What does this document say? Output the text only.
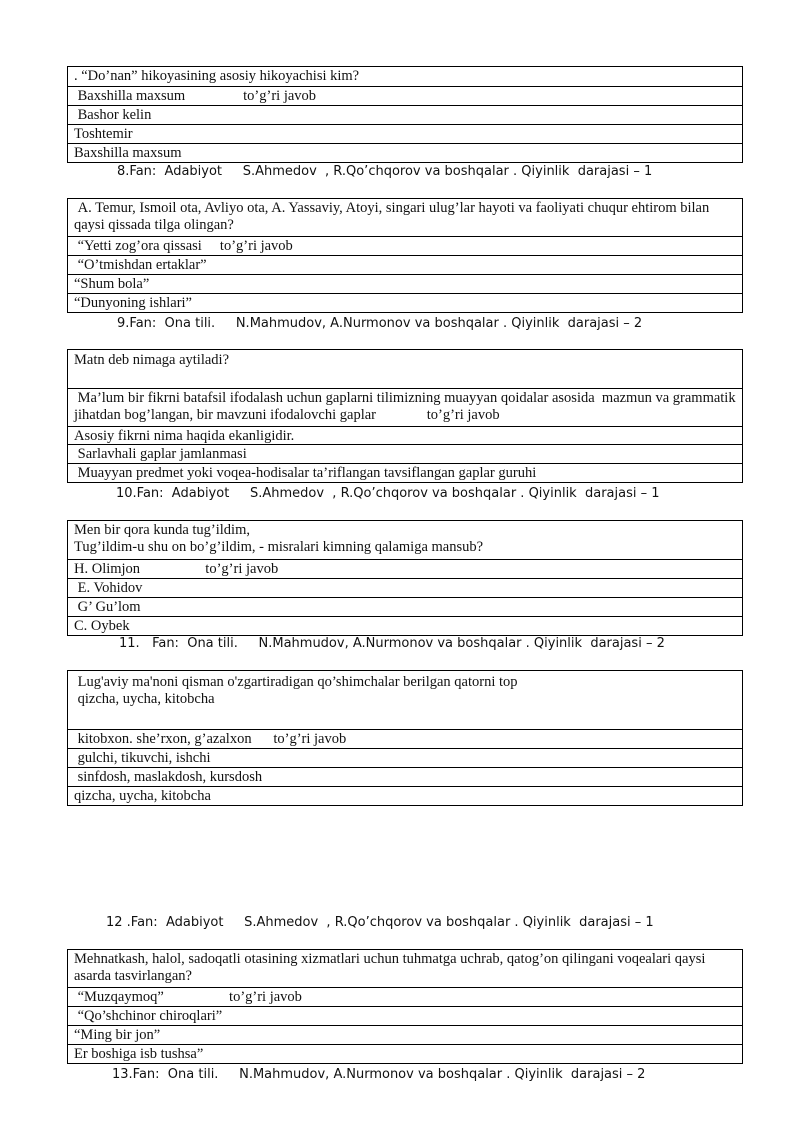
. “Do’nan” hikoyasining asosiy hikoyachisi kim?
Baxshilla maxsum                to’g’ri javob
Bashor kelin
Toshtemir
Baxshilla maxsum
8.Fan:  Adabiyot     S.Ahmedov  , R.Qo’chqorov va boshqalar . Qiyinlik  darajasi – 1
A. Temur, Ismoil ota, Avliyo ota, A. Yassaviy, Atoyi, singari ulug’lar hayoti va faoliyati chuqur ehtirom bilan qaysi qissada tilga olingan?
“Yetti zog’ora qissasi     to’g’ri javob
“O’tmishdan ertaklar”
“Shum bola”
“Dunyoning ishlari”
9.Fan:  Ona tili.     N.Mahmudov, A.Nurmonov va boshqalar . Qiyinlik  darajasi – 2
Matn deb nimaga aytiladi?
Ma’lum bir fikrni batafsil ifodalash uchun gaplarni tilimizning muayyan qoidalar asosida  mazmun va grammatik jihatdan bog’langan, bir mavzuni ifodalovchi gaplar              to’g’ri javob
Asosiy fikrni nima haqida ekanligidir.
Sarlavhali gaplar jamlanmasi
Muayyan predmet yoki voqea-hodisalar ta’riflangan tavsiflangan gaplar guruhi
10.Fan:  Adabiyot     S.Ahmedov  , R.Qo’chqorov va boshqalar . Qiyinlik  darajasi – 1
Men bir qora kunda tug’ildim,
Tug’ildim-u shu on bo’g’ildim, - misralari kimning qalamiga mansub?
H. Olimjon                  to’g’ri javob
E. Vohidov
G’ Gu’lom
C. Oybek
11.   Fan:  Ona tili.     N.Mahmudov, A.Nurmonov va boshqalar . Qiyinlik  darajasi – 2
Lug'aviy ma'noni qisman o'zgartiradigan qo’shimchalar berilgan qatorni top
qizcha, uycha, kitobcha
kitobxon. she’rxon, g’azalxon      to’g’ri javob
gulchi, tikuvchi, ishchi
sinfdosh, maslakdosh, kursdosh
qizcha, uycha, kitobcha
12 .Fan:  Adabiyot     S.Ahmedov  , R.Qo’chqorov va boshqalar . Qiyinlik  darajasi – 1
Mehnatkash, halol, sadoqatli otasining xizmatlari uchun tuhmatga uchrab, qatog’on qilingani voqealari qaysi asarda tasvirlangan?
“Muzqaymoq”                  to’g’ri javob
“Qo’shchinor chiroqlari”
“Ming bir jon”
Er boshiga isb tushsa”
13.Fan:  Ona tili.     N.Mahmudov, A.Nurmonov va boshqalar . Qiyinlik  darajasi – 2
